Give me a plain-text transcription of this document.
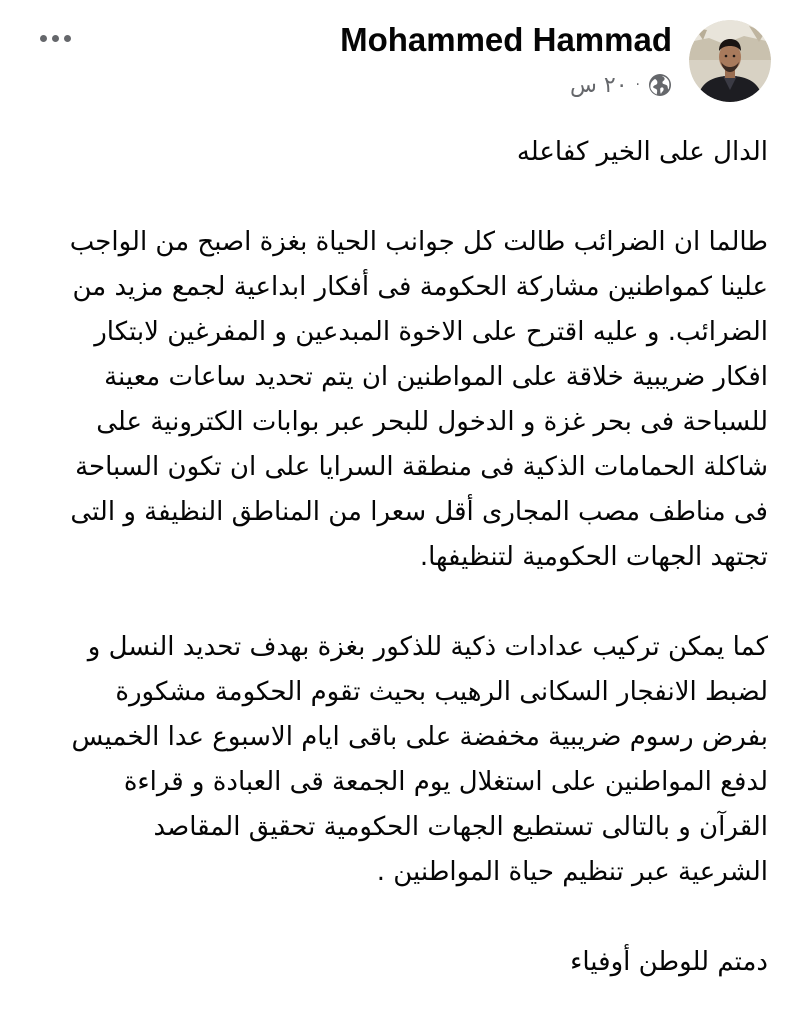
Mohammed Hammad
٢٠ س ·
الدال على الخير كفاعله
طالما ان الضرائب طالت كل جوانب الحياة بغزة اصبح من الواجب
علينا كمواطنين مشاركة الحكومة فى أفكار ابداعية لجمع مزيد من
الضرائب. و عليه اقترح على الاخوة المبدعين و المفرغين لابتكار
افكار ضريبية خلاقة على المواطنين ان يتم تحديد ساعات معينة
للسباحة فى بحر غزة و الدخول للبحر عبر بوابات الكترونية على
شاكلة الحمامات الذكية فى منطقة السرايا على ان تكون السباحة
فى مناطف مصب المجارى أقل سعرا من المناطق النظيفة و التى
تجتهد الجهات الحكومية لتنظيفها.
كما يمكن تركيب عدادات ذكية للذكور بغزة بهدف تحديد النسل و
لضبط الانفجار السكانى الرهيب بحيث تقوم الحكومة مشكورة
بفرض رسوم ضريبية مخفضة على باقى ايام الاسبوع عدا الخميس
لدفع المواطنين على استغلال يوم الجمعة قى العبادة و قراءة
القرآن و بالتالى تستطيع الجهات الحكومية تحقيق المقاصد
الشرعية عبر تنظيم حياة المواطنين .
دمتم للوطن أوفياء
